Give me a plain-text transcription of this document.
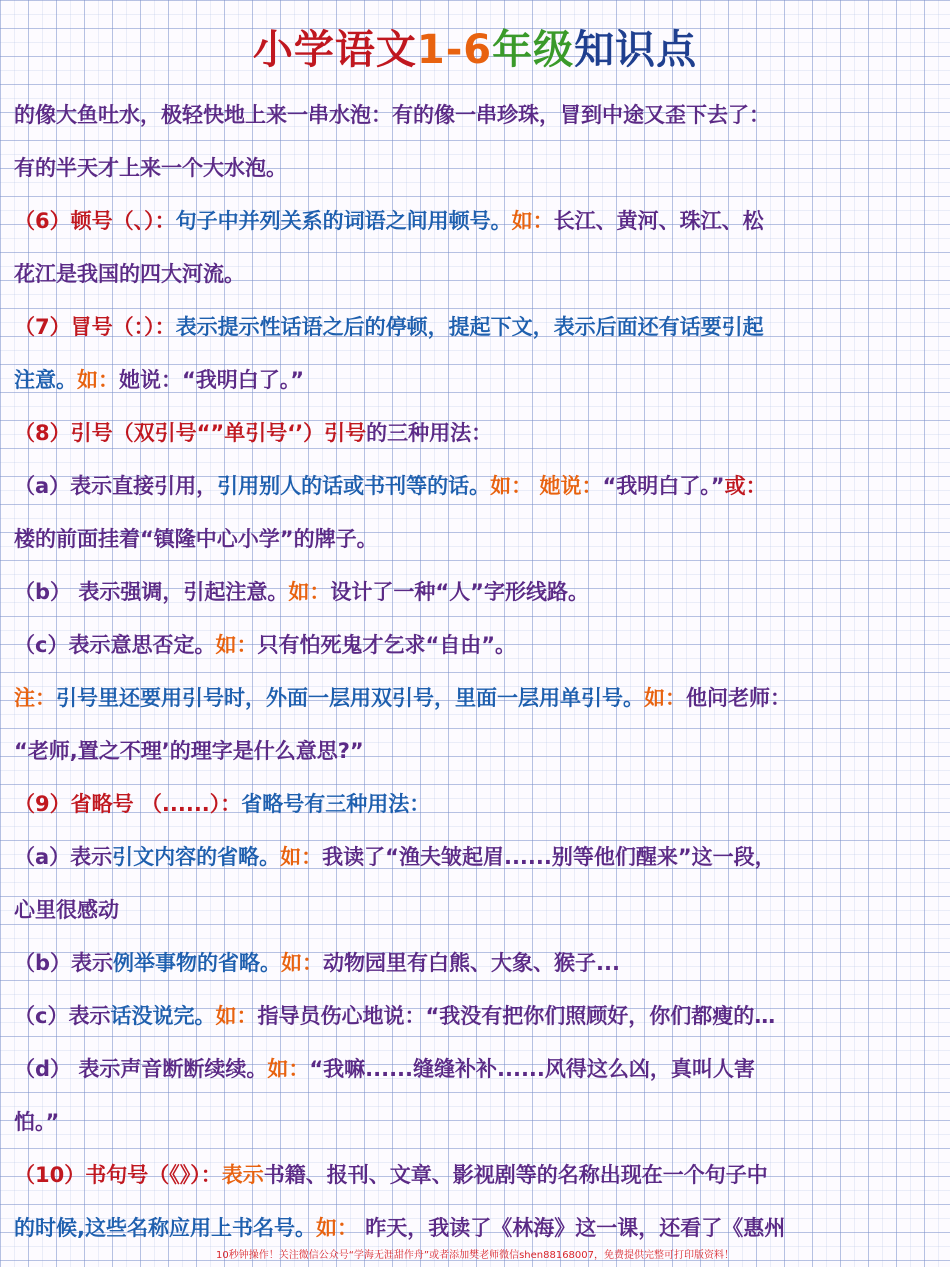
小学语文1-6年级知识点
的像大鱼吐水，极轻快地上来一串水泡：有的像一串珍珠，冒到中途又歪下去了：
有的半天才上来一个大水泡。
（6）顿号（、）：句子中并列关系的词语之间用顿号。如：长江、黄河、珠江、松
花江是我国的四大河流。
（7）冒号（：）：表示提示性话语之后的停顿，提起下文，表示后面还有话要引起
注意。如：她说：“我明白了。”
（8）引号（双引号“”单引号‘’）引号的三种用法：
（a）表示直接引用，引用别人的话或书刊等的话。如： 她说：“我明白了。”或：
楼的前面挂着“镇隆中心小学”的牌子。
（b） 表示强调，引起注意。如：设计了一种“人”字形线路。
（c）表示意思否定。如：只有怕死鬼才乞求“自由”。
注：引号里还要用引号时，外面一层用双引号，里面一层用单引号。如：他问老师：
“老师,置之不理’的理字是什么意思?”
（9）省略号 （......）：省略号有三种用法：
（a）表示引文内容的省略。如：我读了“渔夫皱起眉......别等他们醒来”这一段，
心里很感动
（b）表示例举事物的省略。如：动物园里有白熊、大象、猴子...
（c）表示话没说完。如：指导员伤心地说：“我没有把你们照顾好，你们都瘦的…
（d） 表示声音断断续续。如：“我嘛......缝缝补补......风得这么凶，真叫人害
怕。”
（10）书句号（《》）：表示书籍、报刊、文章、影视剧等的名称出现在一个句子中
的时候,这些名称应用上书名号。如： 昨天，我读了《林海》这一课，还看了《惠州
10秒钟操作！关注微信公众号“学海无涯甜作舟”或者添加樊老师微信shen88168007，免费提供完整可打印版资料！
